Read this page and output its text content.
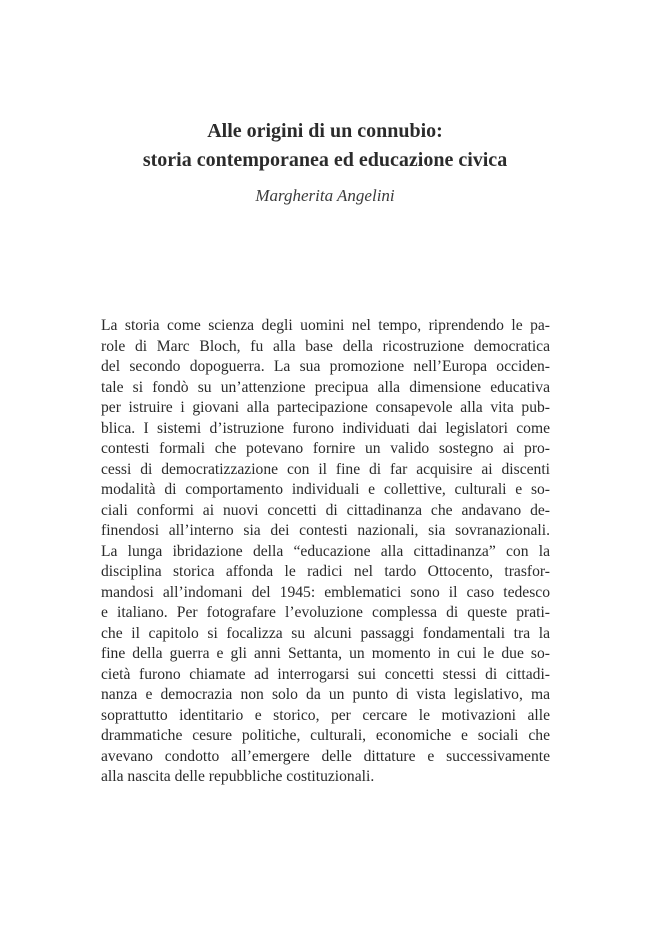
Alle origini di un connubio:
storia contemporanea ed educazione civica
Margherita Angelini
La storia come scienza degli uomini nel tempo, riprendendo le pa-
role di Marc Bloch, fu alla base della ricostruzione democratica
del secondo dopoguerra. La sua promozione nell’Europa occiden-
tale si fondò su un’attenzione precipua alla dimensione educativa
per istruire i giovani alla partecipazione consapevole alla vita pub-
blica. I sistemi d’istruzione furono individuati dai legislatori come
contesti formali che potevano fornire un valido sostegno ai pro-
cessi di democratizzazione con il fine di far acquisire ai discenti
modalità di comportamento individuali e collettive, culturali e so-
ciali conformi ai nuovi concetti di cittadinanza che andavano de-
finendosi all’interno sia dei contesti nazionali, sia sovranazionali.
La lunga ibridazione della “educazione alla cittadinanza” con la
disciplina storica affonda le radici nel tardo Ottocento, trasfor-
mandosi all’indomani del 1945: emblematici sono il caso tedesco
e italiano. Per fotografare l’evoluzione complessa di queste prati-
che il capitolo si focalizza su alcuni passaggi fondamentali tra la
fine della guerra e gli anni Settanta, un momento in cui le due so-
cietà furono chiamate ad interrogarsi sui concetti stessi di cittadi-
nanza e democrazia non solo da un punto di vista legislativo, ma
soprattutto identitario e storico, per cercare le motivazioni alle
drammatiche cesure politiche, culturali, economiche e sociali che
avevano condotto all’emergere delle dittature e successivamente
alla nascita delle repubbliche costituzionali.
